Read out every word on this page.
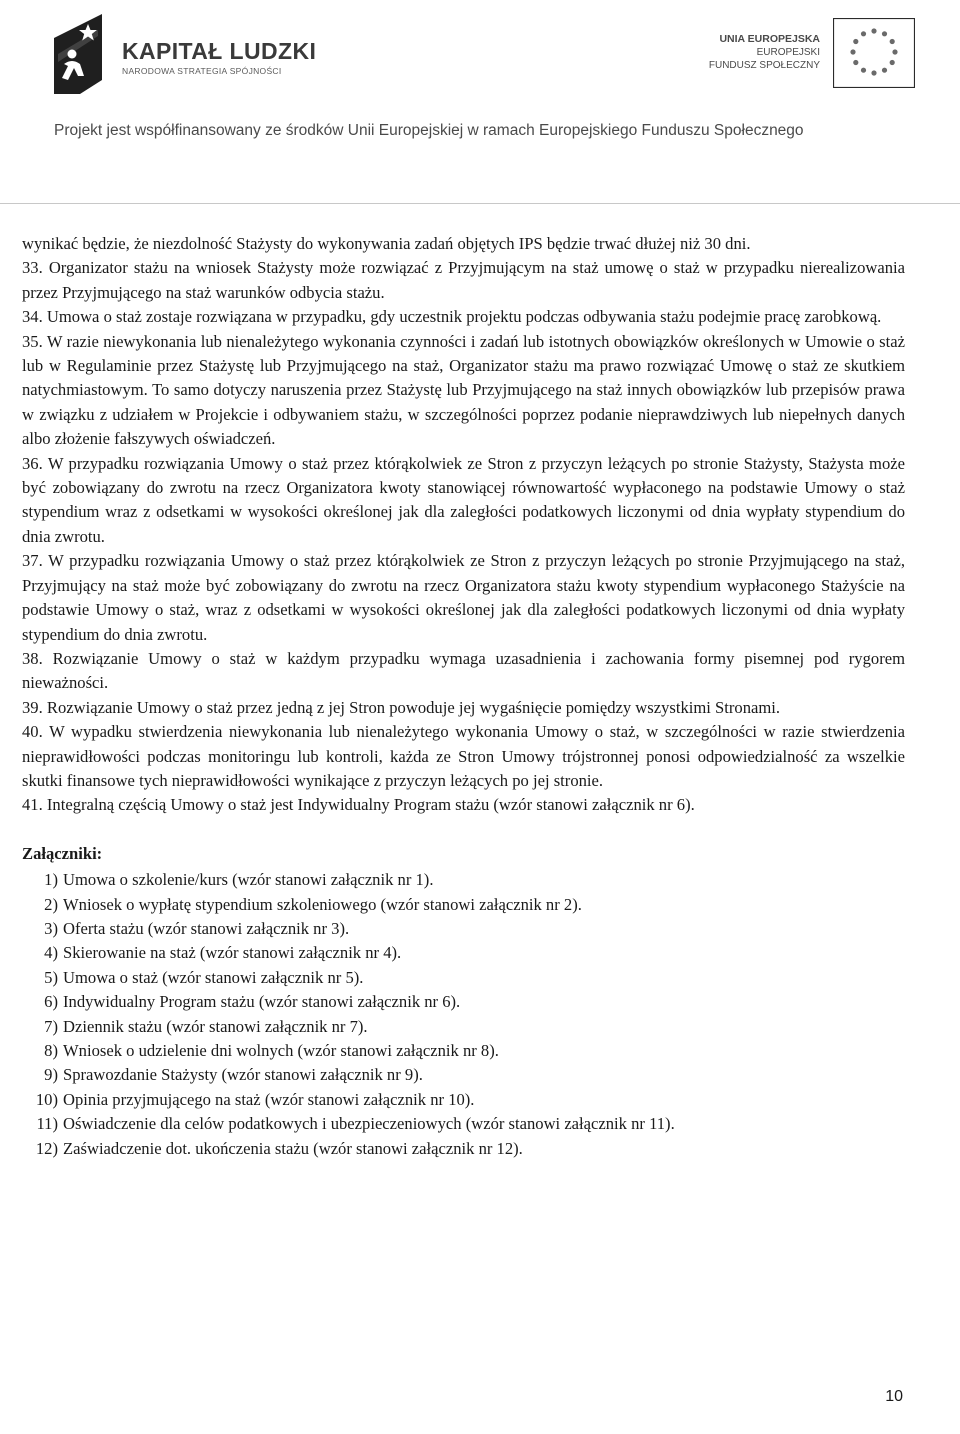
KAPITAŁ LUDZKI
NARODOWA STRATEGIA SPÓJNOŚCI
UNIA EUROPEJSKA
EUROPEJSKI
FUNDUSZ SPOŁECZNY
Projekt jest współfinansowany ze środków Unii Europejskiej w ramach Europejskiego Funduszu Społecznego

wynikać będzie, że niezdolność Stażysty do wykonywania zadań objętych IPS będzie trwać dłużej niż 30 dni.

33. Organizator stażu na wniosek Stażysty może rozwiązać z Przyjmującym na staż umowę o staż w przypadku nierealizowania przez Przyjmującego na staż warunków odbycia stażu.

34. Umowa o staż zostaje rozwiązana w przypadku, gdy uczestnik projektu podczas odbywania stażu podejmie pracę zarobkową.

35. W razie niewykonania lub nienależytego wykonania czynności i zadań lub istotnych obowiązków określonych w Umowie o staż lub w Regulaminie przez Stażystę lub Przyjmującego na staż, Organizator stażu ma prawo rozwiązać Umowę o staż ze skutkiem natychmiastowym. To samo dotyczy naruszenia przez Stażystę lub Przyjmującego na staż innych obowiązków lub przepisów prawa w związku z udziałem w Projekcie i odbywaniem stażu, w szczególności poprzez podanie nieprawdziwych lub niepełnych danych albo złożenie fałszywych oświadczeń.

36. W przypadku rozwiązania Umowy o staż przez którąkolwiek ze Stron z przyczyn leżących po stronie Stażysty, Stażysta może być zobowiązany do zwrotu na rzecz Organizatora kwoty stanowiącej równowartość wypłaconego na podstawie Umowy o staż stypendium wraz z odsetkami w wysokości określonej jak dla zaległości podatkowych liczonymi od dnia wypłaty stypendium do dnia zwrotu.

37. W przypadku rozwiązania Umowy o staż przez którąkolwiek ze Stron z przyczyn leżących po stronie Przyjmującego na staż, Przyjmujący na staż może być zobowiązany do zwrotu na rzecz Organizatora stażu kwoty stypendium wypłaconego Stażyście na podstawie Umowy o staż, wraz z odsetkami w wysokości określonej jak dla zaległości podatkowych liczonymi od dnia wypłaty stypendium do dnia zwrotu.

38. Rozwiązanie Umowy o staż w każdym przypadku wymaga uzasadnienia i zachowania formy pisemnej pod rygorem nieważności.

39. Rozwiązanie Umowy o staż przez jedną z jej Stron powoduje jej wygaśnięcie pomiędzy wszystkimi Stronami.

40. W wypadku stwierdzenia niewykonania lub nienależytego wykonania Umowy o staż, w szczególności w razie stwierdzenia nieprawidłowości podczas monitoringu lub kontroli, każda ze Stron Umowy trójstronnej ponosi odpowiedzialność za wszelkie skutki finansowe tych nieprawidłowości wynikające z przyczyn leżących po jej stronie.

41. Integralną częścią Umowy o staż jest Indywidualny Program stażu (wzór stanowi załącznik nr 6).

Załączniki:
1) Umowa o szkolenie/kurs (wzór stanowi załącznik nr 1).
2) Wniosek o wypłatę stypendium szkoleniowego (wzór stanowi załącznik nr 2).
3) Oferta stażu (wzór stanowi załącznik nr 3).
4) Skierowanie na staż (wzór stanowi załącznik nr 4).
5) Umowa o staż (wzór stanowi załącznik nr 5).
6) Indywidualny Program stażu (wzór stanowi załącznik nr 6).
7) Dziennik stażu (wzór stanowi załącznik nr 7).
8) Wniosek o udzielenie dni wolnych (wzór stanowi załącznik nr 8).
9) Sprawozdanie Stażysty (wzór stanowi załącznik nr 9).
10) Opinia przyjmującego na staż (wzór stanowi załącznik nr 10).
11) Oświadczenie dla celów podatkowych i ubezpieczeniowych (wzór stanowi załącznik nr 11).
12) Zaświadczenie dot. ukończenia stażu (wzór stanowi załącznik nr 12).
10
